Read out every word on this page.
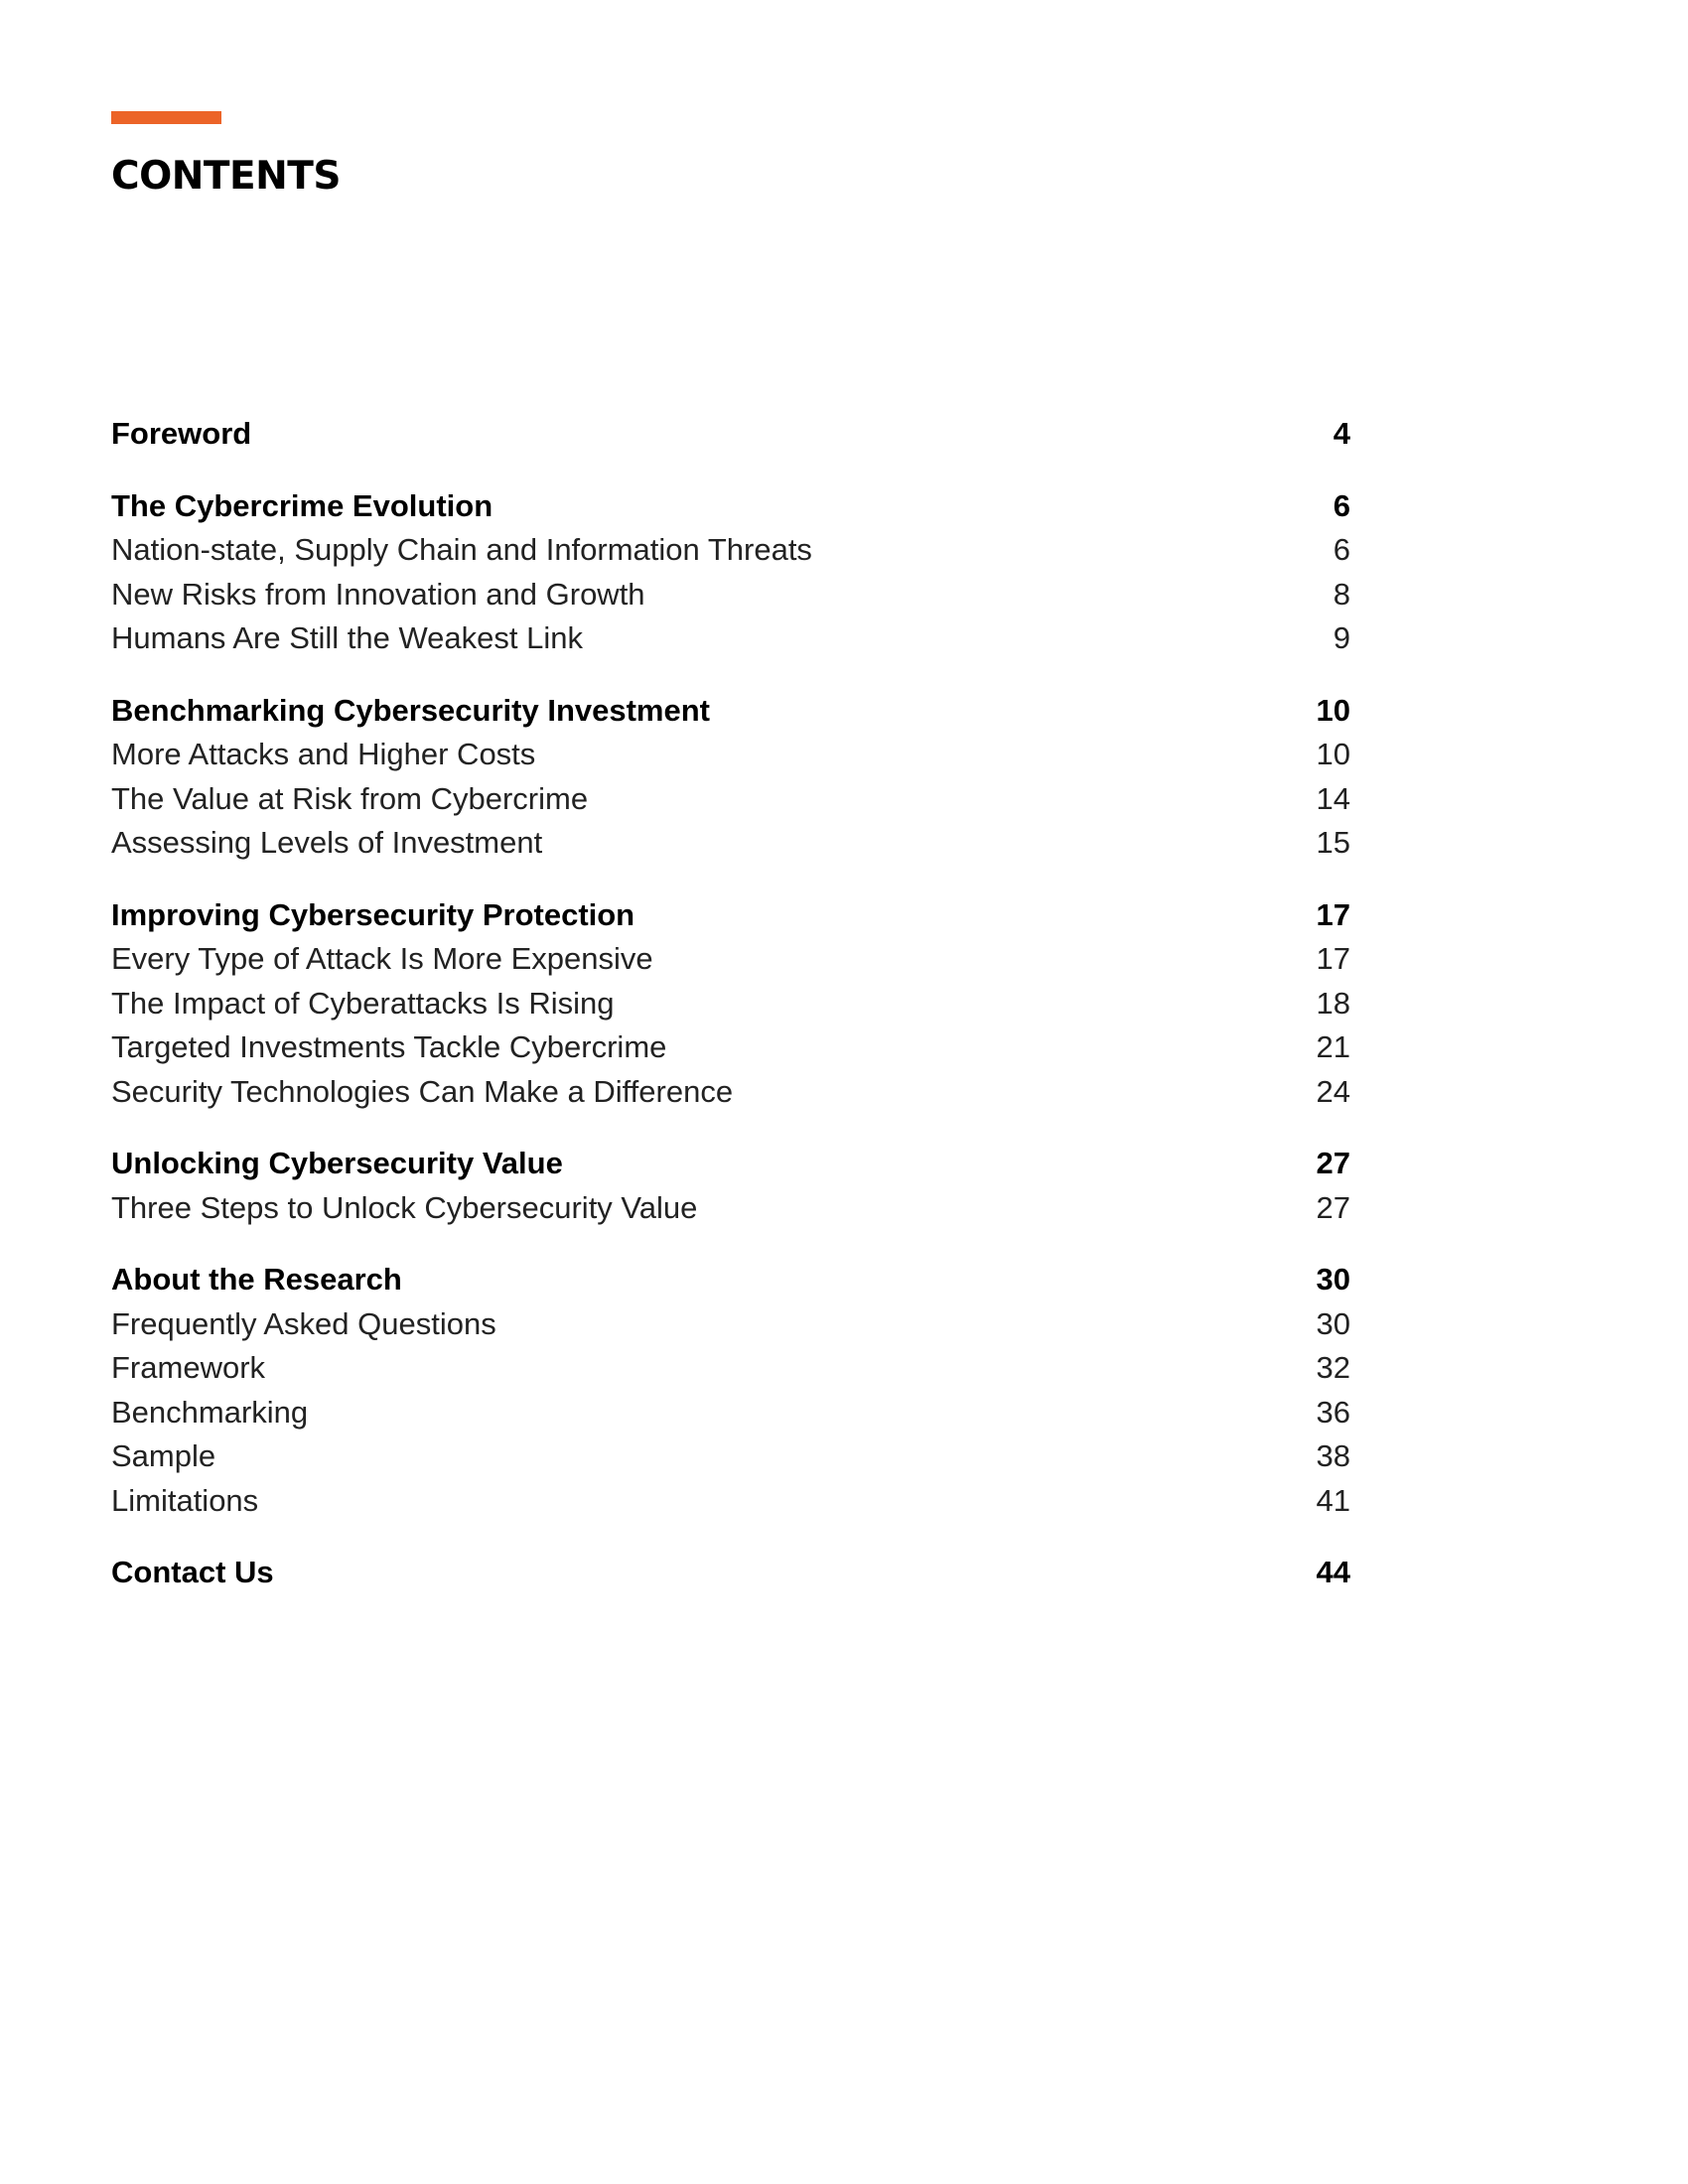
CONTENTS
Foreword	4
The Cybercrime Evolution	6
Nation-state, Supply Chain and Information Threats	6
New Risks from Innovation and Growth	8
Humans Are Still the Weakest Link	9
Benchmarking Cybersecurity Investment	10
More Attacks and Higher Costs	10
The Value at Risk from Cybercrime	14
Assessing Levels of Investment	15
Improving Cybersecurity Protection	17
Every Type of Attack Is More Expensive	17
The Impact of Cyberattacks Is Rising	18
Targeted Investments Tackle Cybercrime	21
Security Technologies Can Make a Difference	24
Unlocking Cybersecurity Value	27
Three Steps to Unlock Cybersecurity Value	27
About the Research	30
Frequently Asked Questions	30
Framework	32
Benchmarking	36
Sample	38
Limitations	41
Contact Us	44
